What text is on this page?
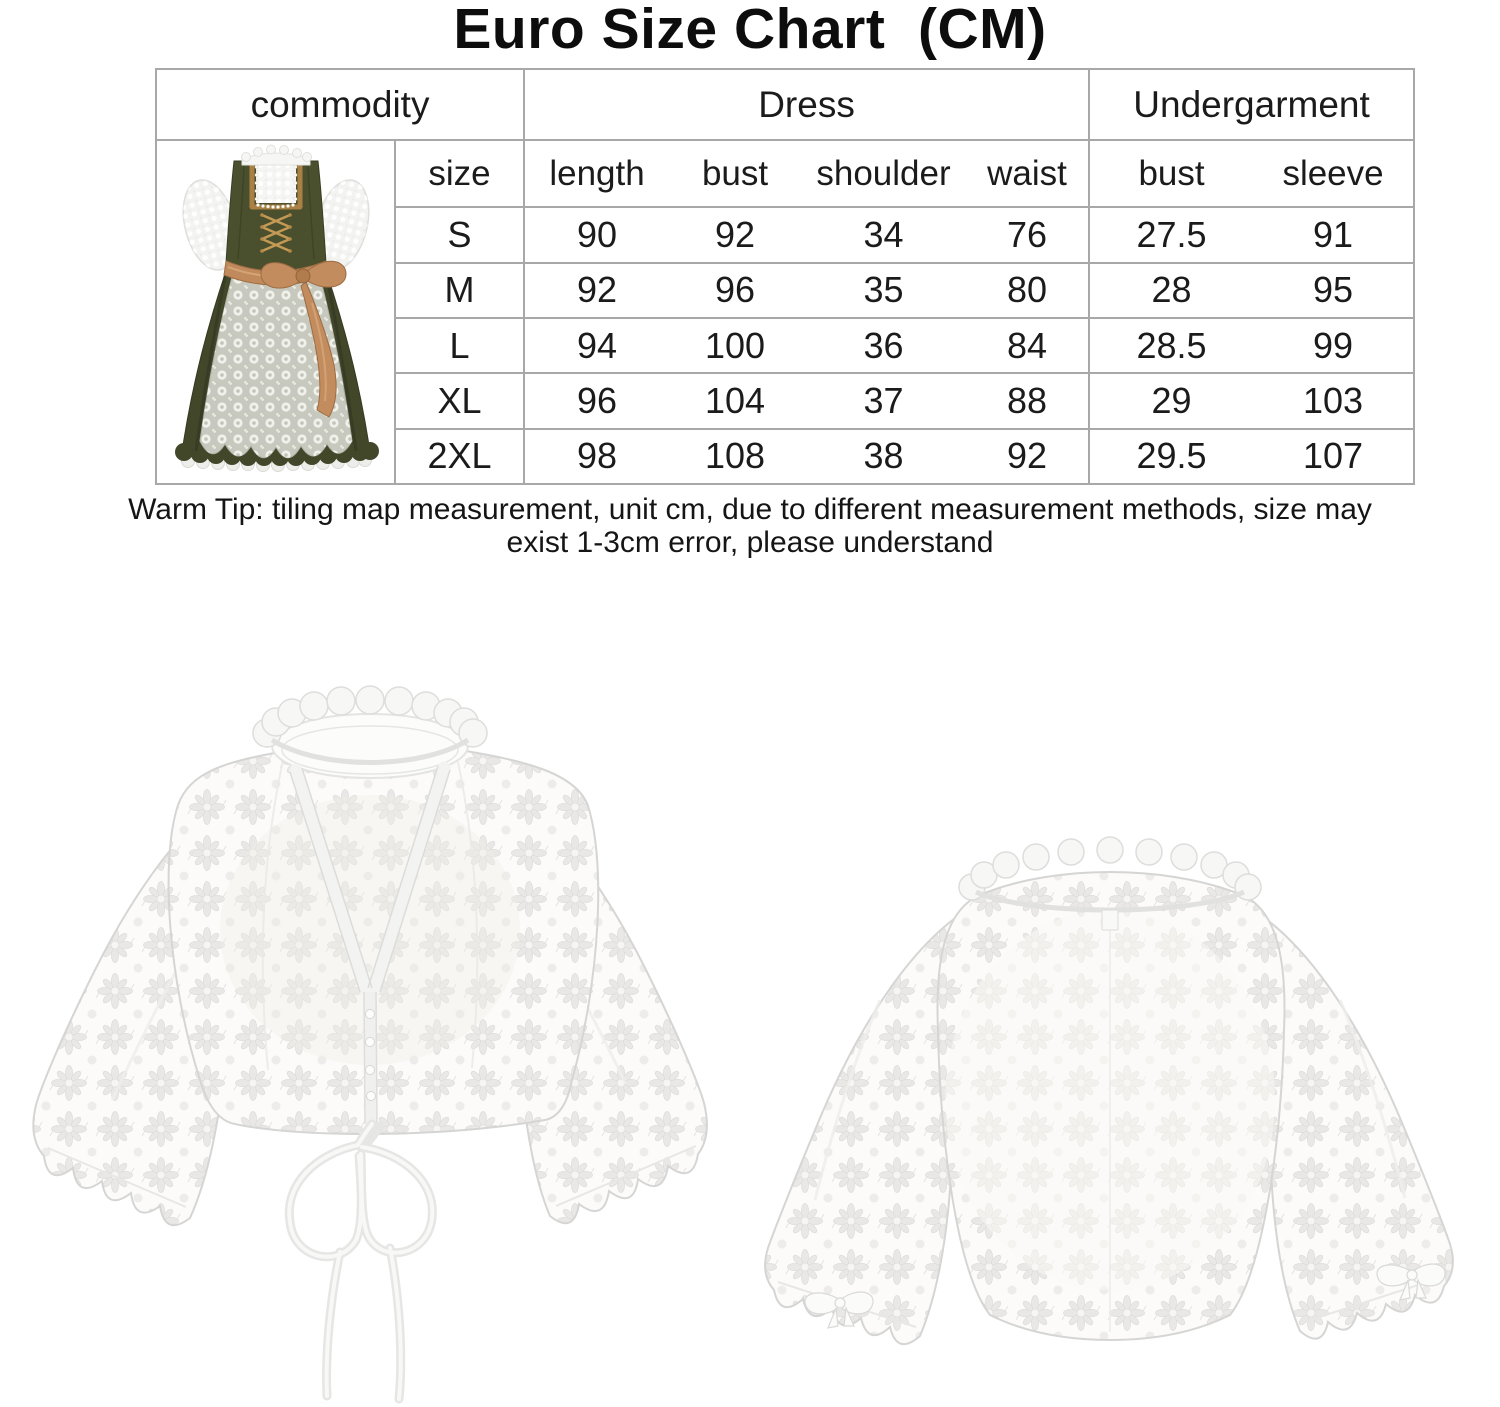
Euro Size Chart  (CM)
commodity		Dress				Undergarment	

	size	length	bust	shoulder	waist	bust	sleeve
	S	90	92	34	76	27.5	91
	M	92	96	35	80	28	95
	L	94	100	36	84	28.5	99
	XL	96	104	37	88	29	103
	2XL	98	108	38	92	29.5	107
Warm Tip: tiling map measurement, unit cm, due to different measurement methods, size may
exist 1-3cm error, please understand
